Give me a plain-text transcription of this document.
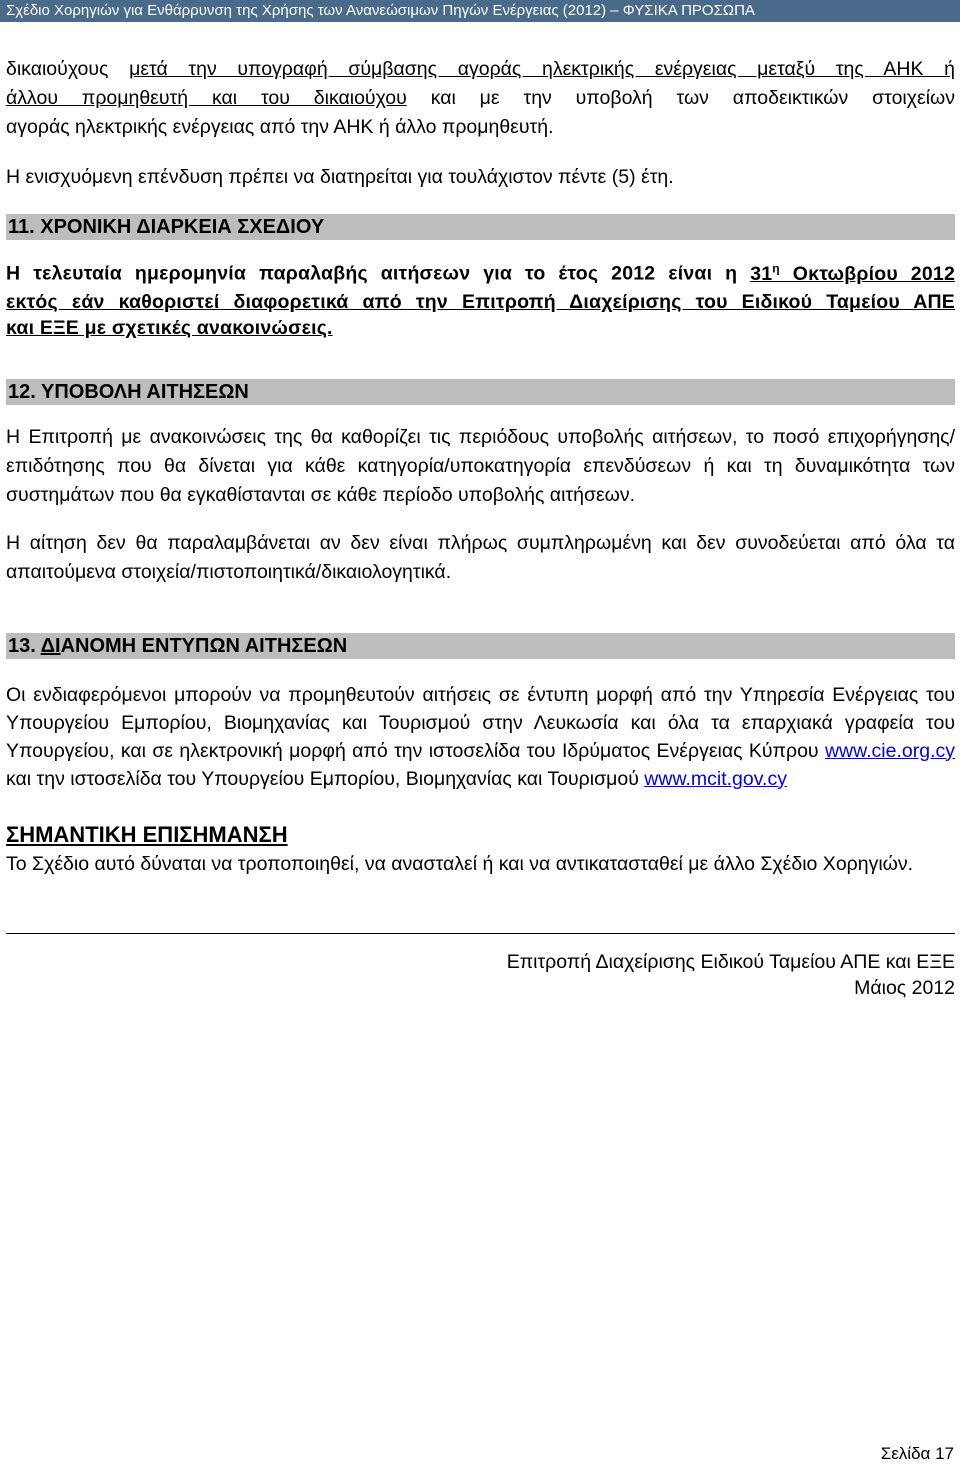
Σχέδιο Χορηγιών για Ενθάρρυνση της Χρήσης των Ανανεώσιμων Πηγών Ενέργειας (2012) – ΦΥΣΙΚΑ ΠΡΟΣΩΠΑ

δικαιούχους μετά την υπογραφή σύμβασης αγοράς ηλεκτρικής ενέργειας μεταξύ της ΑΗΚ ή

άλλου προμηθευτή και του δικαιούχου και με την υποβολή των αποδεικτικών στοιχείων

αγοράς ηλεκτρικής ενέργειας από την ΑΗΚ ή άλλο προμηθευτή.

Η ενισχυόμενη επένδυση πρέπει να διατηρείται για τουλάχιστον πέντε (5) έτη.

11. ΧΡΟΝΙΚΗ ΔΙΑΡΚΕΙΑ ΣΧΕΔΙΟΥ

Η τελευταία ημερομηνία παραλαβής αιτήσεων για το έτος 2012 είναι η $31^\eta$ Οκτωβρίου 2012

εκτός εάν καθοριστεί διαφορετικά από την Επιτροπή Διαχείρισης του Ειδικού Ταμείου ΑΠΕ

και ΕΞΕ με σχετικές ανακοινώσεις.

12. ΥΠΟΒΟΛΗ ΑΙΤΗΣΕΩΝ

Η Επιτροπή με ανακοινώσεις της θα καθορίζει τις περιόδους υποβολής αιτήσεων, το ποσό επιχορήγησης/επιδότησης που θα δίνεται για κάθε κατηγορία/υποκατηγορία επενδύσεων ή και τη δυναμικότητα των συστημάτων που θα εγκαθίστανται σε κάθε περίοδο υποβολής αιτήσεων.

Η αίτηση δεν θα παραλαμβάνεται αν δεν είναι πλήρως συμπληρωμένη και δεν συνοδεύεται από όλα τα απαιτούμενα στοιχεία/πιστοποιητικά/δικαιολογητικά.

13. ΔΙΑΝΟΜΗ ΕΝΤΥΠΩΝ ΑΙΤΗΣΕΩΝ

Οι ενδιαφερόμενοι μπορούν να προμηθευτούν αιτήσεις σε έντυπη μορφή από την Υπηρεσία Ενέργειας του Υπουργείου Εμπορίου, Βιομηχανίας και Τουρισμού στην Λευκωσία και όλα τα επαρχιακά γραφεία του Υπουργείου, και σε ηλεκτρονική μορφή από την ιστοσελίδα του Ιδρύματος Ενέργειας Κύπρου www.cie.org.cy και την ιστοσελίδα του Υπουργείου Εμπορίου, Βιομηχανίας και Τουρισμού www.mcit.gov.cy

ΣΗΜΑΝΤΙΚΗ ΕΠΙΣΗΜΑΝΣΗ

Το Σχέδιο αυτό δύναται να τροποποιηθεί, να ανασταλεί ή και να αντικατασταθεί με άλλο Σχέδιο Χορηγιών.

Επιτροπή Διαχείρισης Ειδικού Ταμείου ΑΠΕ και ΕΞΕ
Μάιος 2012
Σελίδα 17
